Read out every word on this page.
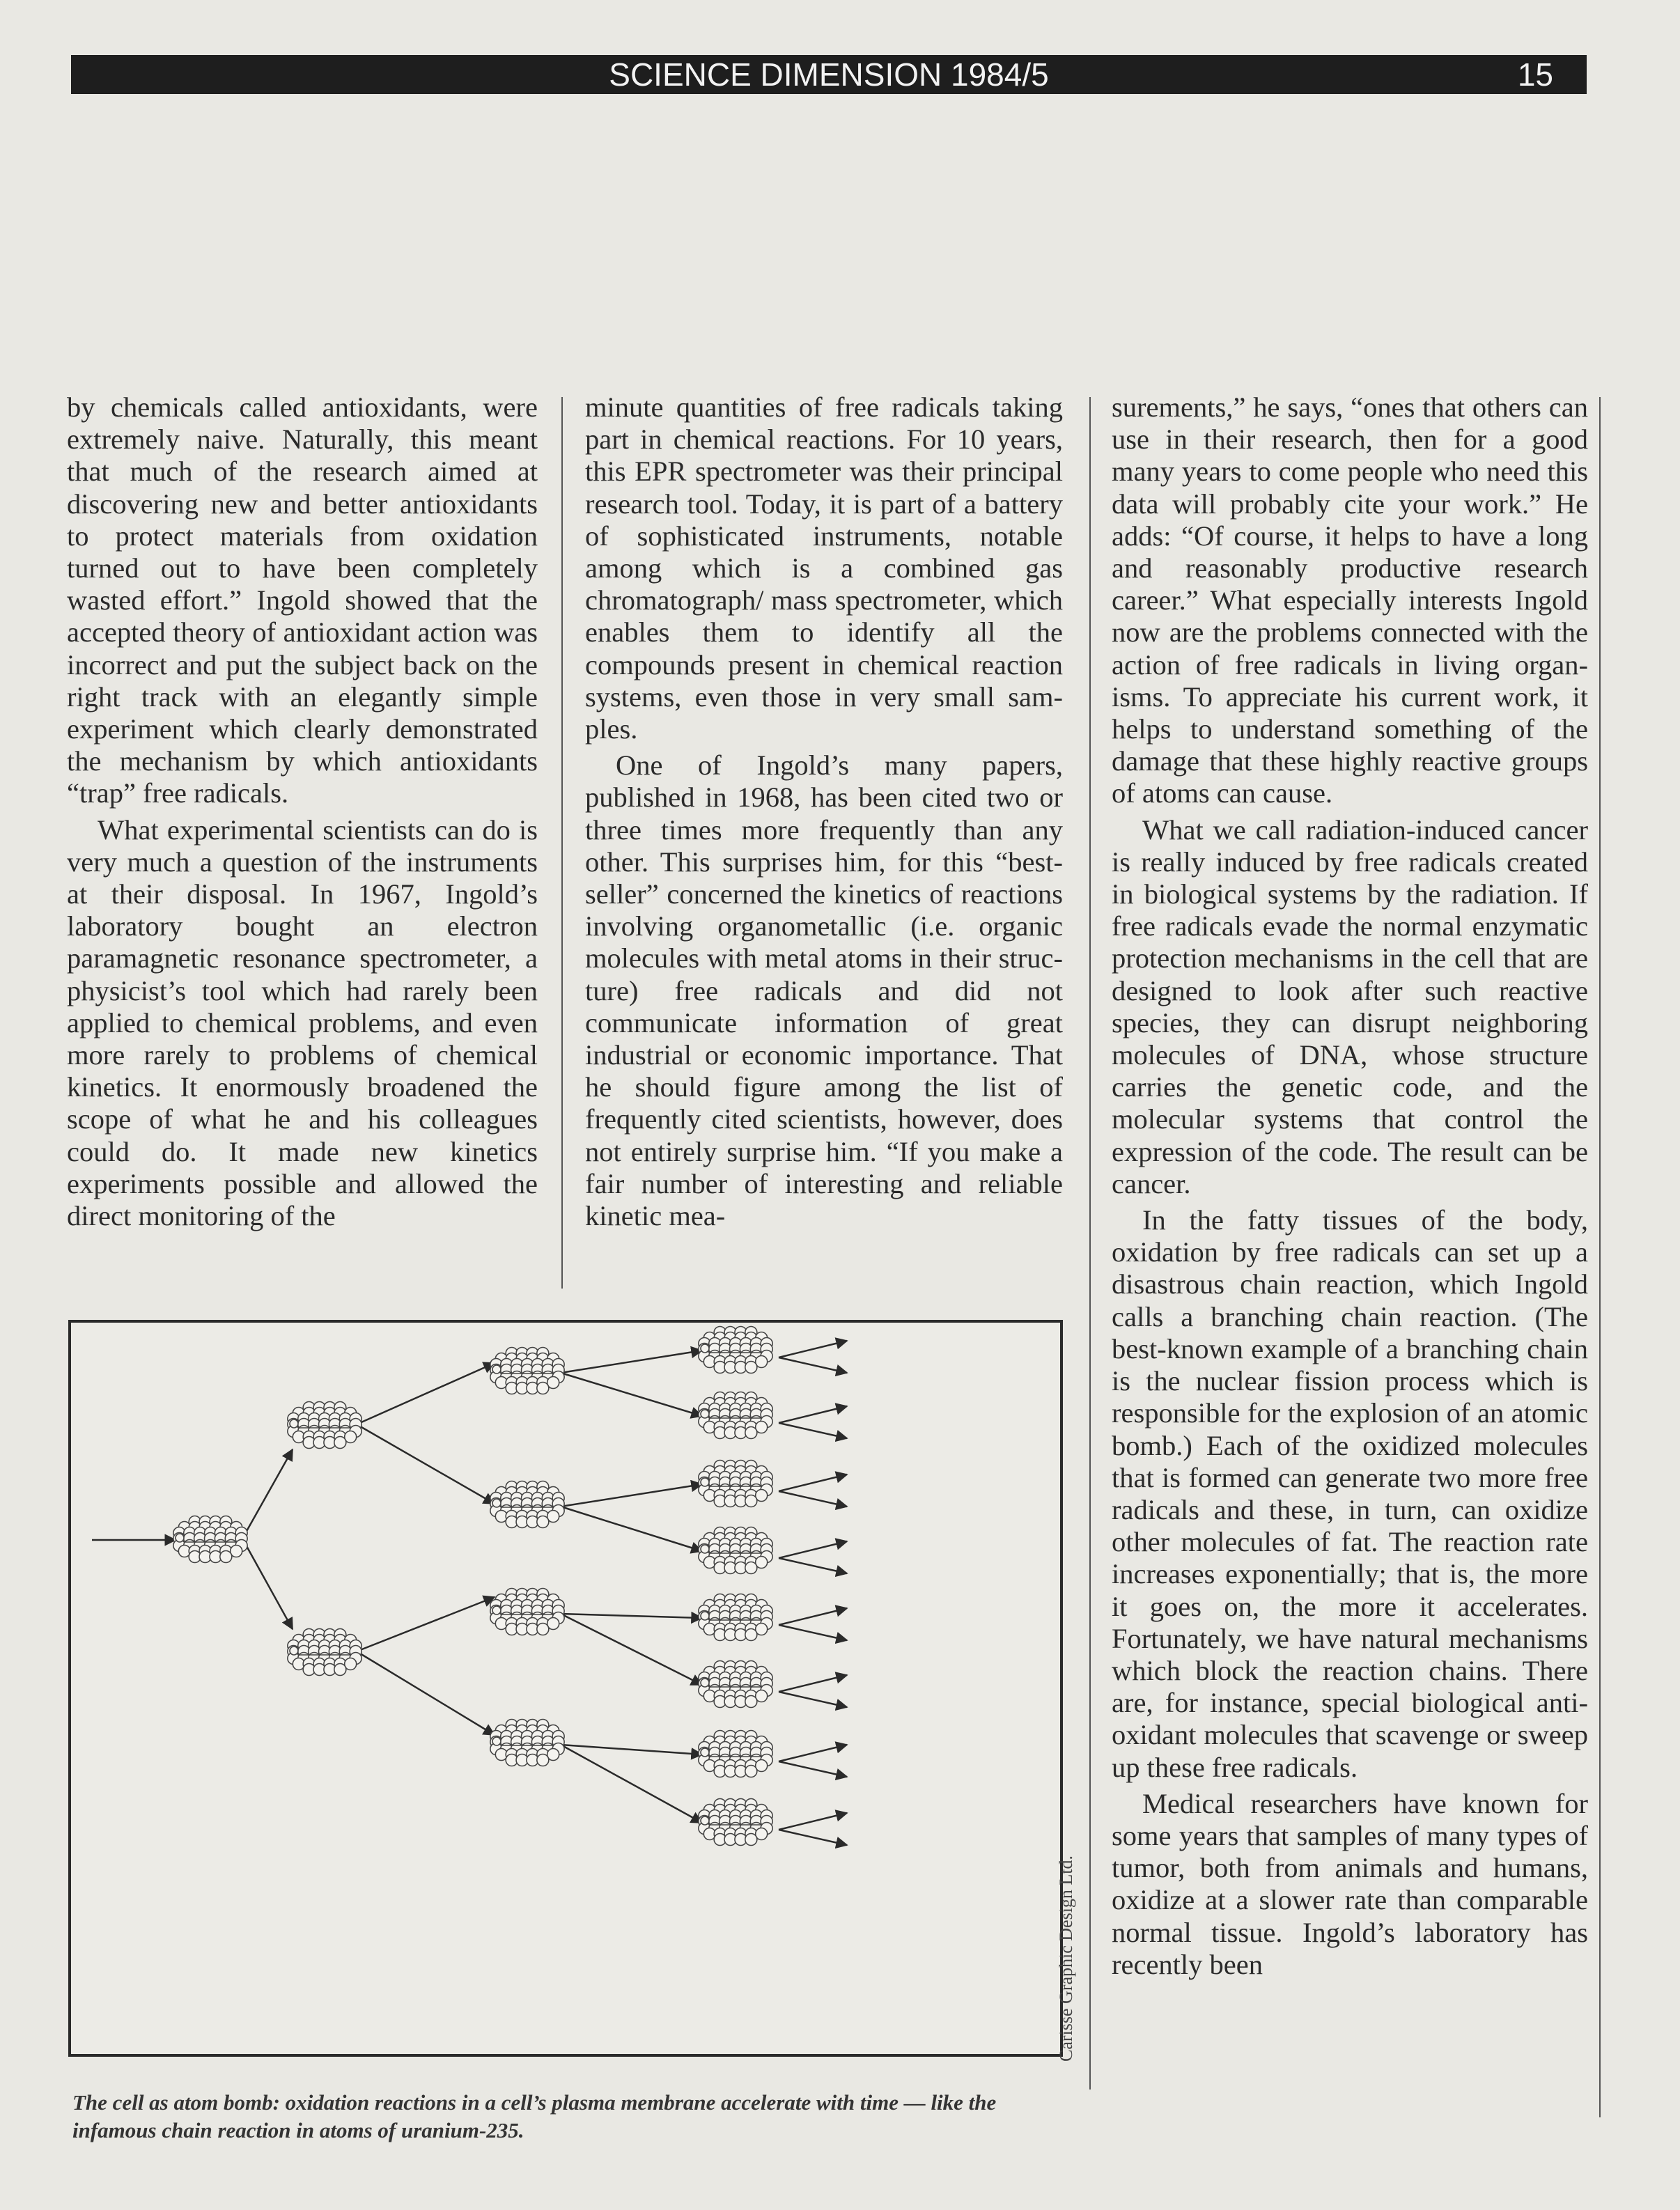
SCIENCE DIMENSION 1984/5	15

by chemicals called antioxidants, were extremely naive. Naturally, this meant that much of the research aimed at discovering new and better antioxidants to protect materials from oxidation turned out to have been completely wasted effort.” Ingold showed that the accepted theory of antioxidant action was incorrect and put the subject back on the right track with an elegantly simple experiment which clearly demonstrated the mechanism by which antioxidants “trap” free radicals.

What experimental scientists can do is very much a question of the instruments at their disposal. In 1967, Ingold’s laboratory bought an electron paramagnetic resonance spectrometer, a physicist’s tool which had rarely been applied to chemical problems, and even more rarely to problems of chemical kinetics. It enormously broadened the scope of what he and his colleagues could do. It made new kinetics experiments possible and allowed the direct monitoring of the

minute quantities of free radicals taking part in chemical reactions. For 10 years, this EPR spectrometer was their principal research tool. Today, it is part of a battery of sophisticated instruments, notable among which is a combined gas chromatograph/ mass spectrometer, which enables them to identify all the compounds present in chemical reaction systems, even those in very small samples.

One of Ingold’s many papers, published in 1968, has been cited two or three times more frequently than any other. This surprises him, for this “best-seller” concerned the kinetics of reactions involving organometallic (i.e. organic molecules with metal atoms in their structure) free radicals and did not communicate information of great industrial or economic importance. That he should figure among the list of frequently cited scientists, however, does not entirely surprise him. “If you make a fair number of interesting and reliable kinetic mea-

surements,” he says, “ones that others can use in their research, then for a good many years to come people who need this data will probably cite your work.” He adds: “Of course, it helps to have a long and reasonably productive research career.” What especially interests Ingold now are the problems connected with the action of free radicals in living organisms. To appreciate his current work, it helps to understand something of the damage that these highly reactive groups of atoms can cause.

What we call radiation-induced cancer is really induced by free radicals created in biological systems by the radiation. If free radicals evade the normal enzymatic protection mechanisms in the cell that are designed to look after such reactive species, they can disrupt neighboring molecules of DNA, whose structure carries the genetic code, and the molecular systems that control the expression of the code. The result can be cancer.

In the fatty tissues of the body, oxidation by free radicals can set up a disastrous chain reaction, which Ingold calls a branching chain reaction. (The best-known example of a branching chain is the nuclear fission process which is responsible for the explosion of an atomic bomb.) Each of the oxidized molecules that is formed can generate two more free radicals and these, in turn, can oxidize other molecules of fat. The reaction rate increases exponentially; that is, the more it goes on, the more it accelerates. Fortunately, we have natural mechanisms which block the reaction chains. There are, for instance, special biological antioxidant molecules that scavenge or sweep up these free radicals.

Medical researchers have known for some years that samples of many types of tumor, both from animals and humans, oxidize at a slower rate than comparable normal tissue. Ingold’s laboratory has recently been

Carisse Graphic Design Ltd.
The cell as atom bomb: oxidation reactions in a cell’s plasma membrane accelerate with time — like the infamous chain reaction in atoms of uranium-235.
